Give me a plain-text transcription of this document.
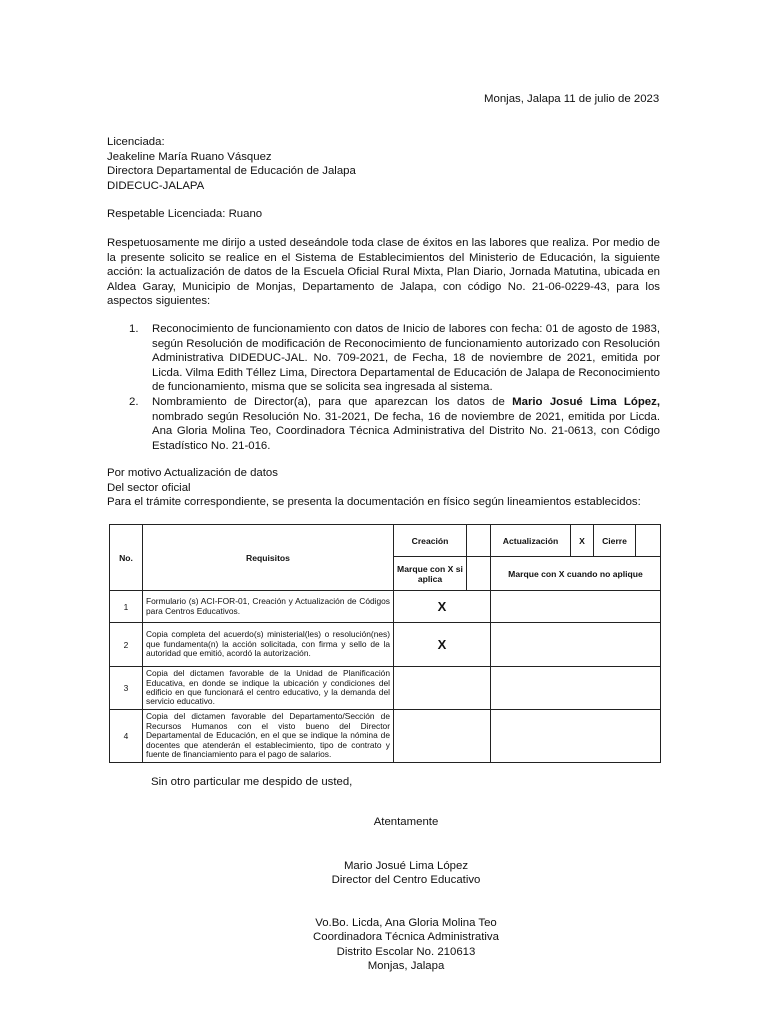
Monjas, Jalapa 11 de julio de 2023

Licenciada:
Jeakeline María Ruano Vásquez
Directora Departamental de Educación de Jalapa
DIDECUC-JALAPA

Respetable Licenciada: Ruano

Respetuosamente me dirijo a usted deseándole toda clase de éxitos en las labores que realiza. Por medio de la presente solicito se realice en el Sistema de Establecimientos del Ministerio de Educación, la siguiente acción: la actualización de datos de la Escuela Oficial Rural Mixta, Plan Diario, Jornada Matutina, ubicada en Aldea Garay, Municipio de Monjas, Departamento de Jalapa, con código No. 21-06-0229-43, para los aspectos siguientes:

1. Reconocimiento de funcionamiento con datos de Inicio de labores con fecha: 01 de agosto de 1983, según Resolución de modificación de Reconocimiento de funcionamiento autorizado con Resolución Administrativa DIDEDUC-JAL. No. 709-2021, de Fecha, 18 de noviembre de 2021, emitida por Licda. Vilma Edith Téllez Lima, Directora Departamental de Educación de Jalapa de Reconocimiento de funcionamiento, misma que se solicita sea ingresada al sistema.
2. Nombramiento de Director(a), para que aparezcan los datos de Mario Josué Lima López, nombrado según Resolución No. 31-2021, De fecha, 16 de noviembre de 2021, emitida por Licda. Ana Gloria Molina Teo, Coordinadora Técnica Administrativa del Distrito No. 21-0613, con Código Estadístico No. 21-016.
Por motivo Actualización de datos
Del sector oficial
Para el trámite correspondiente, se presenta la documentación en físico según lineamientos establecidos:
No.	Requisitos	Creación		Actualización	X	Cierre	
		Marque con X si aplica		Marque con X cuando no aplique			
1	Formulario (s) ACI-FOR-01, Creación y Actualización de Códigos para Centros Educativos.	X					
2	Copia completa del acuerdo(s) ministerial(les) o resolución(nes) que fundamenta(n) la acción solicitada, con firma y sello de la autoridad que emitió, acordó la autorización.	X					
3	Copia del dictamen favorable de la Unidad de Planificación Educativa, en donde se indique la ubicación y condiciones del edificio en que funcionará el centro educativo, y la demanda del servicio educativo.						
4	Copia del dictamen favorable del Departamento/Sección de Recursos Humanos con el visto bueno del Director Departamental de Educación, en el que se indique la nómina de docentes que atenderán el establecimiento, tipo de contrato y fuente de financiamiento para el pago de salarios.						

Sin otro particular me despido de usted,

Atentamente

Mario Josué Lima López

Director del Centro Educativo

Vo.Bo. Licda, Ana Gloria Molina Teo

Coordinadora Técnica Administrativa

Distrito Escolar No. 210613

Monjas, Jalapa
